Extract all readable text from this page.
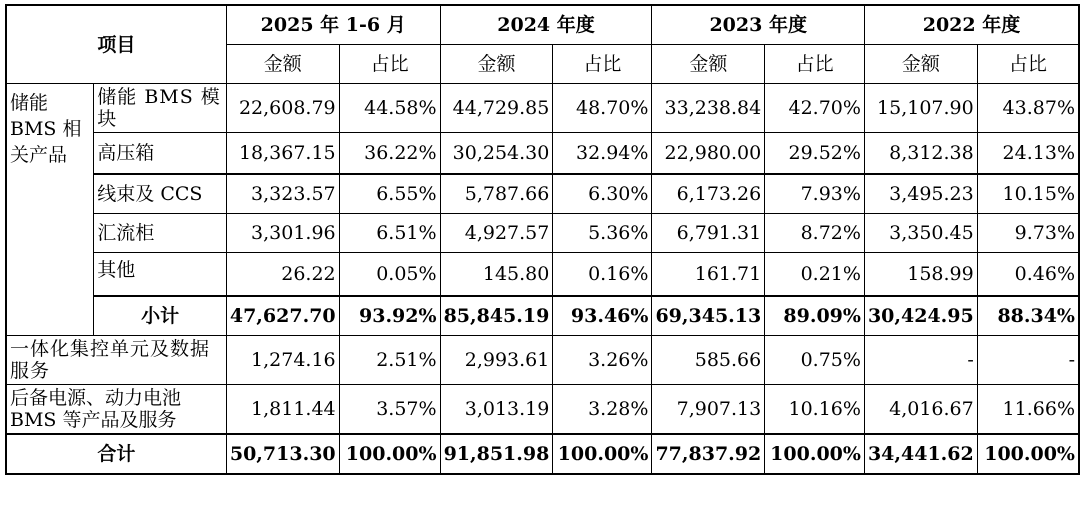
项目		2025 年 1-6 月		2024 年度		2023 年度		2022 年度	
		金额	占比	金额	占比	金额	占比	金额	占比
储能 BMS 相关产品	储能 BMS 模块	22,608.79	44.58%	44,729.85	48.70%	33,238.84	42.70%	15,107.90	43.87%
	高压箱	18,367.15	36.22%	30,254.30	32.94%	22,980.00	29.52%	8,312.38	24.13%
	线束及 CCS	3,323.57	6.55%	5,787.66	6.30%	6,173.26	7.93%	3,495.23	10.15%
	汇流柜	3,301.96	6.51%	4,927.57	5.36%	6,791.31	8.72%	3,350.45	9.73%
	其他	26.22	0.05%	145.80	0.16%	161.71	0.21%	158.99	0.46%
	小计	47,627.70	93.92%	85,845.19	93.46%	69,345.13	89.09%	30,424.95	88.34%
一体化集控单元及数据服务		1,274.16	2.51%	2,993.61	3.26%	585.66	0.75%	-	-
后备电源、动力电池 BMS 等产品及服务		1,811.44	3.57%	3,013.19	3.28%	7,907.13	10.16%	4,016.67	11.66%
合计		50,713.30	100.00%	91,851.98	100.00%	77,837.92	100.00%	34,441.62	100.00%
